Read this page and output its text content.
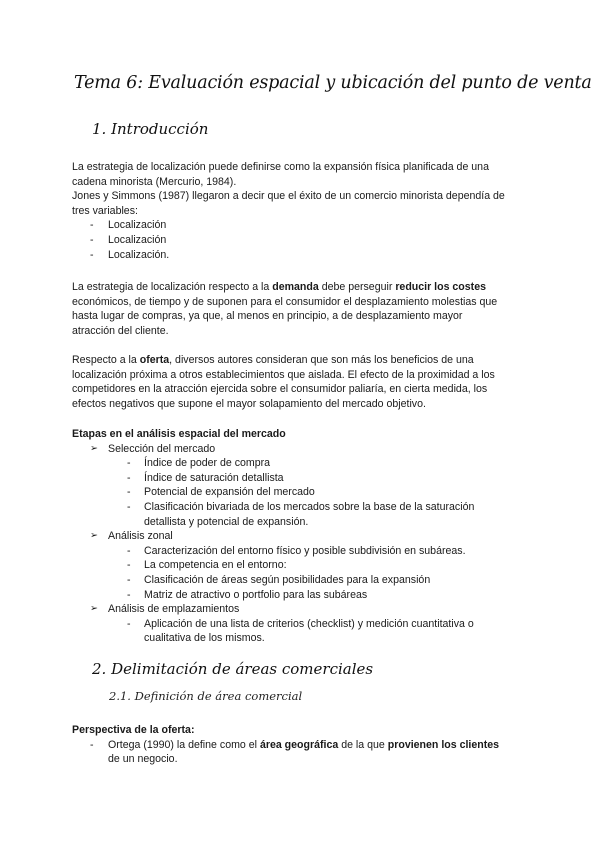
Tema 6: Evaluación espacial y ubicación del punto de venta
1. Introducción

La estrategia de localización puede definirse como la expansión física planificada de una

cadena minorista (Mercurio, 1984).

Jones y Simmons (1987) llegaron a decir que el éxito de un comercio minorista dependía de

tres variables:

- Localización
- Localización
- Localización.

La estrategia de localización respecto a la demanda debe perseguir reducir los costes

económicos, de tiempo y de suponen para el consumidor el desplazamiento molestias que

hasta lugar de compras, ya que, al menos en principio, a de desplazamiento mayor

atracción del cliente.

Respecto a la oferta, diversos autores consideran que son más los beneficios de una

localización próxima a otros establecimientos que aislada. El efecto de la proximidad a los

competidores en la atracción ejercida sobre el consumidor paliaría, en cierta medida, los

efectos negativos que supone el mayor solapamiento del mercado objetivo.

Etapas en el análisis espacial del mercado

➢ Selección del mercado
- Índice de poder de compra
- Índice de saturación detallista
- Potencial de expansión del mercado
- Clasificación bivariada de los mercados sobre la base de la saturación
detallista y potencial de expansión.
➢ Análisis zonal
- Caracterización del entorno físico y posible subdivisión en subáreas.
- La competencia en el entorno:
- Clasificación de áreas según posibilidades para la expansión
- Matriz de atractivo o portfolio para las subáreas
➢ Análisis de emplazamientos
- Aplicación de una lista de criterios (checklist) y medición cuantitativa o
cualitativa de los mismos.
2. Delimitación de áreas comerciales
2.1. Definición de área comercial

Perspectiva de la oferta:

- Ortega (1990) la define como el área geográfica de la que provienen los clientes
de un negocio.
